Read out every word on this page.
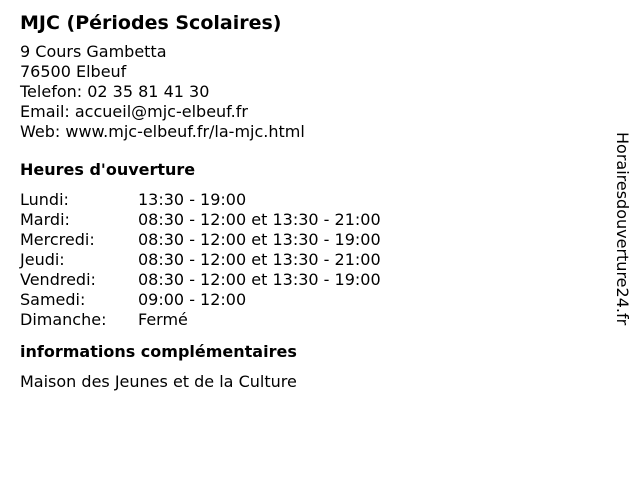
MJC (Périodes Scolaires)
9 Cours Gambetta
76500 Elbeuf
Telefon: 02 35 81 41 30
Email: accueil@mjc-elbeuf.fr
Web: www.mjc-elbeuf.fr/la-mjc.html
Heures d'ouverture
Lundi:	13:30 - 19:00
Mardi:	08:30 - 12:00 et 13:30 - 21:00
Mercredi:	08:30 - 12:00 et 13:30 - 19:00
Jeudi:	08:30 - 12:00 et 13:30 - 21:00
Vendredi:	08:30 - 12:00 et 13:30 - 19:00
Samedi:	09:00 - 12:00
Dimanche:	Fermé
informations complémentaires
Maison des Jeunes et de la Culture
Horairesdouverture24.fr
